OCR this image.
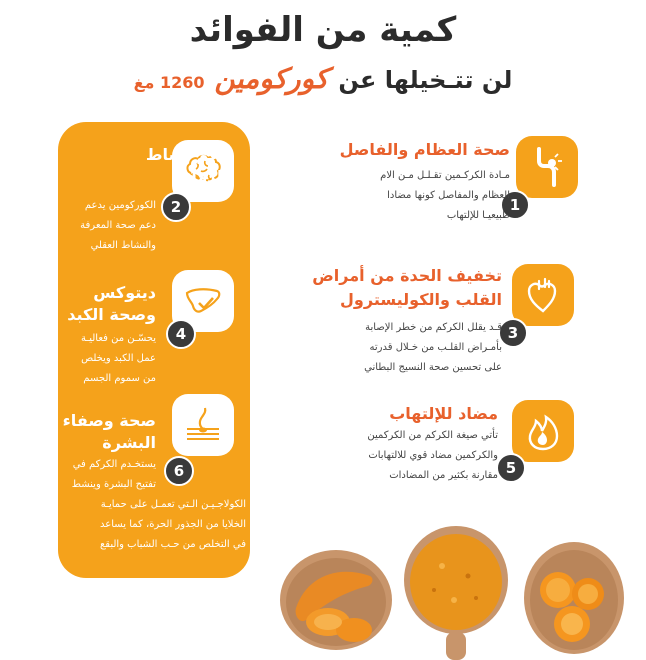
كمية من الفوائد
لن تتـخيلها عن
كوركومين
1260 مغ
2
دعم نشاط
الدماغ
الكوركومين يدعم
دعم صحة المعرفة
والنشاط العقلي
4
ديتوكس
وصحة الكبد
يحسّـن من فعاليـة
عمل الكبد ويخلص
من سموم الجسم
6
صحة وصفاء
البشرة
يستخـدم الكركم في
تفتيح البشرة وينشط
الكولاجـيـن الـتي تعمـل على حمايـة
الخلايا من الجذور الحرة، كما يساعد
في التخلص من حـب الشباب والبقع
1
صحة العظام والفاصل
مـادة الكركـمين تقـلـل مـن الام
العظام والمفاصل كونها مضادا
طبيعيـا للإلتهاب
3
تخفيف الحدة من أمراض
القلب والكوليسترول
قـد يقلل الكركم من خطر الإصابة
بأمـراض القلـب من خـلال قدرته
على تحسين صحة النسيج البطاني
5
مضاد للإلتهاب
تأتي صيغة الكركم من الكركمين
والكركمين مضاد قوي للالتهابات
مقارنة بكثير من المضادات
